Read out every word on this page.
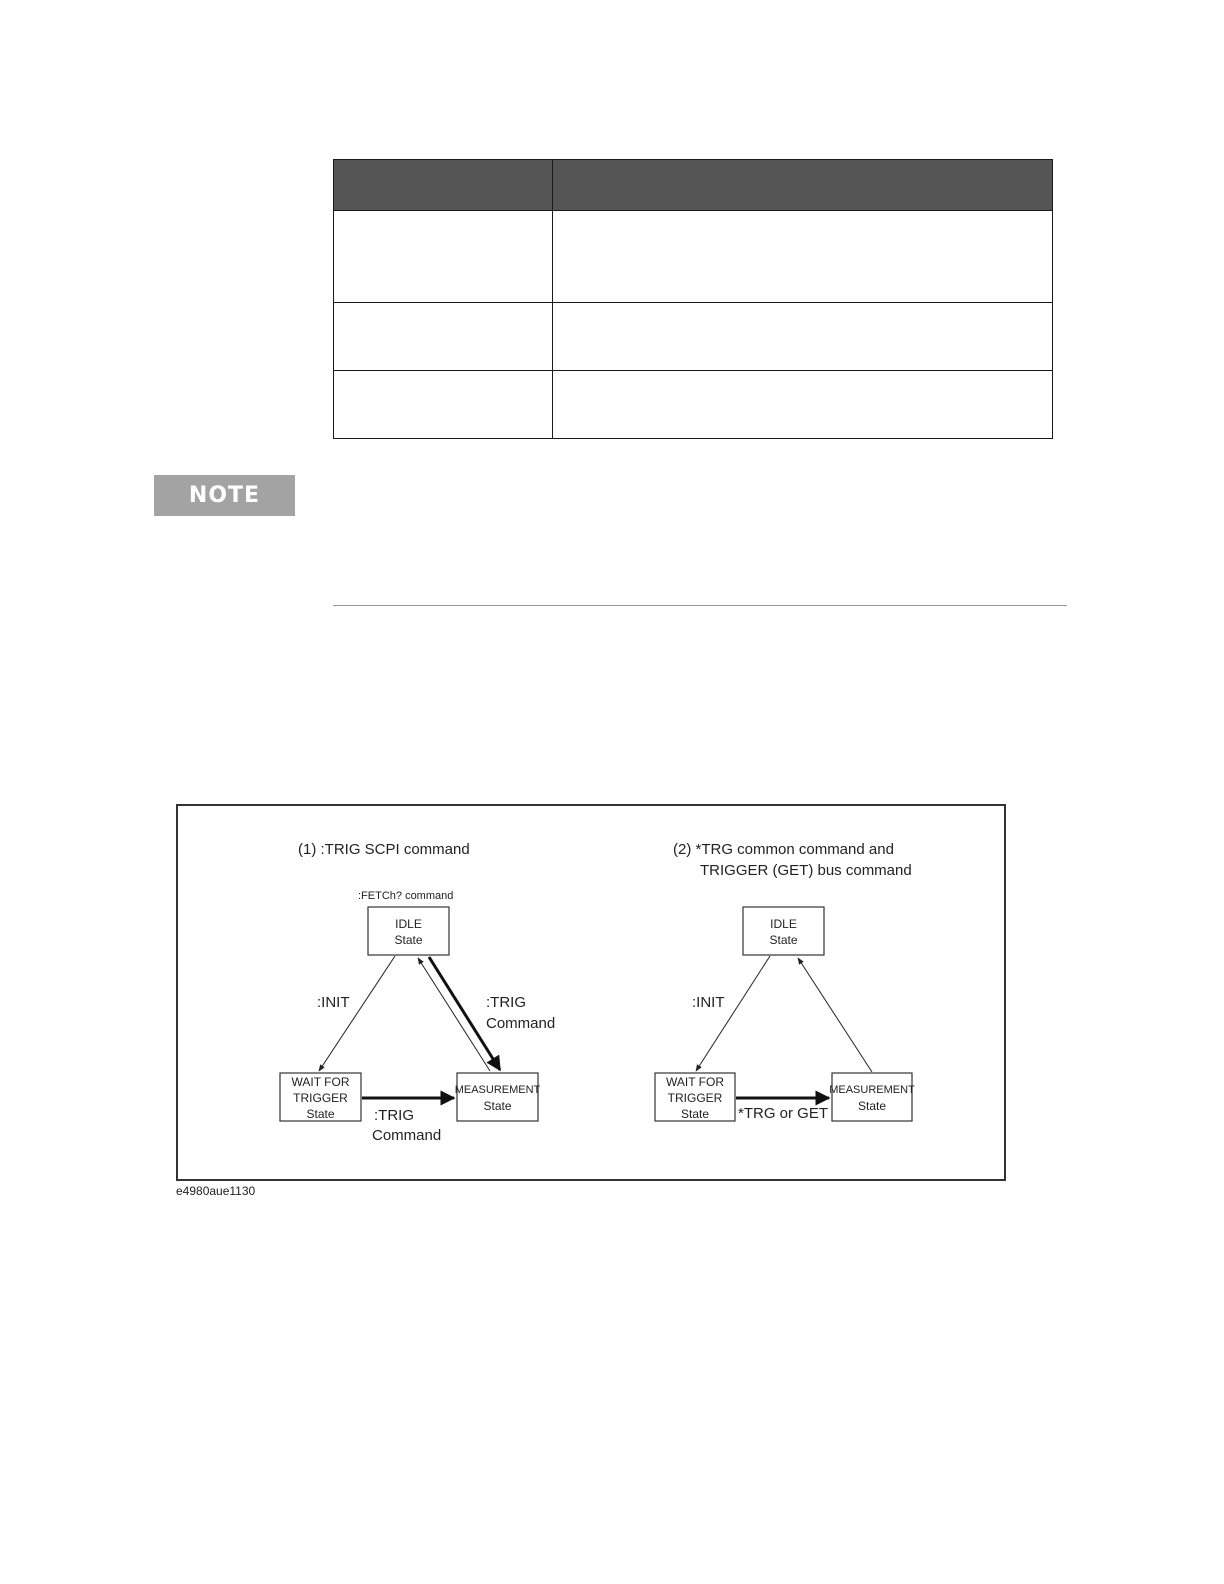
NOTE
(1) :TRIG SCPI command
:FETCh? command
IDLE
State
WAIT FOR
TRIGGER
State
MEASUREMENT
State
:INIT	:TRIG
Command
:TRIG
Command
(2) *TRG common command and
TRIGGER (GET) bus command
IDLE
State
WAIT FOR
TRIGGER
State
MEASUREMENT
State
:INIT
*TRG or GET
e4980aue1130
